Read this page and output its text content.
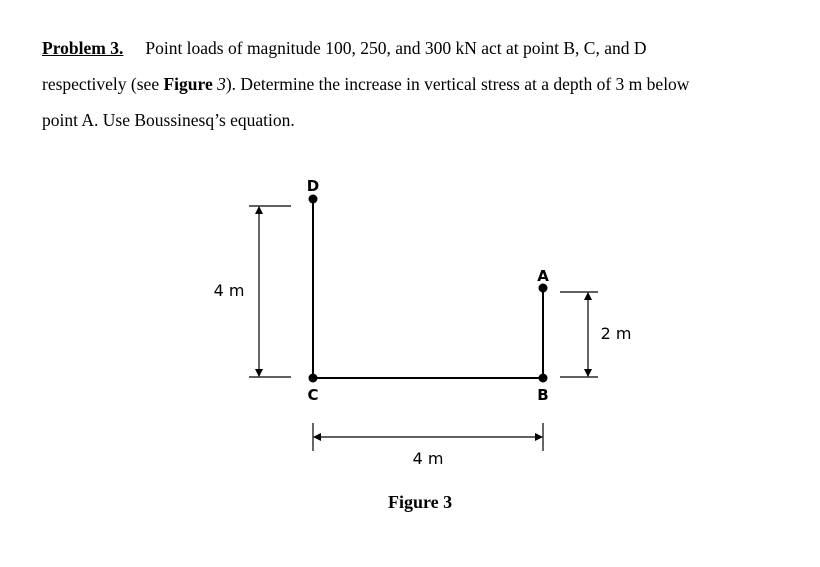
Problem 3. Point loads of magnitude 100, 250, and 300 kN act at point B, C, and D
respectively (see Figure 3). Determine the increase in vertical stress at a depth of 3 m below
point A. Use Boussinesq’s equation.
D
C
A
B
4 m
2 m
4 m
Figure 3
